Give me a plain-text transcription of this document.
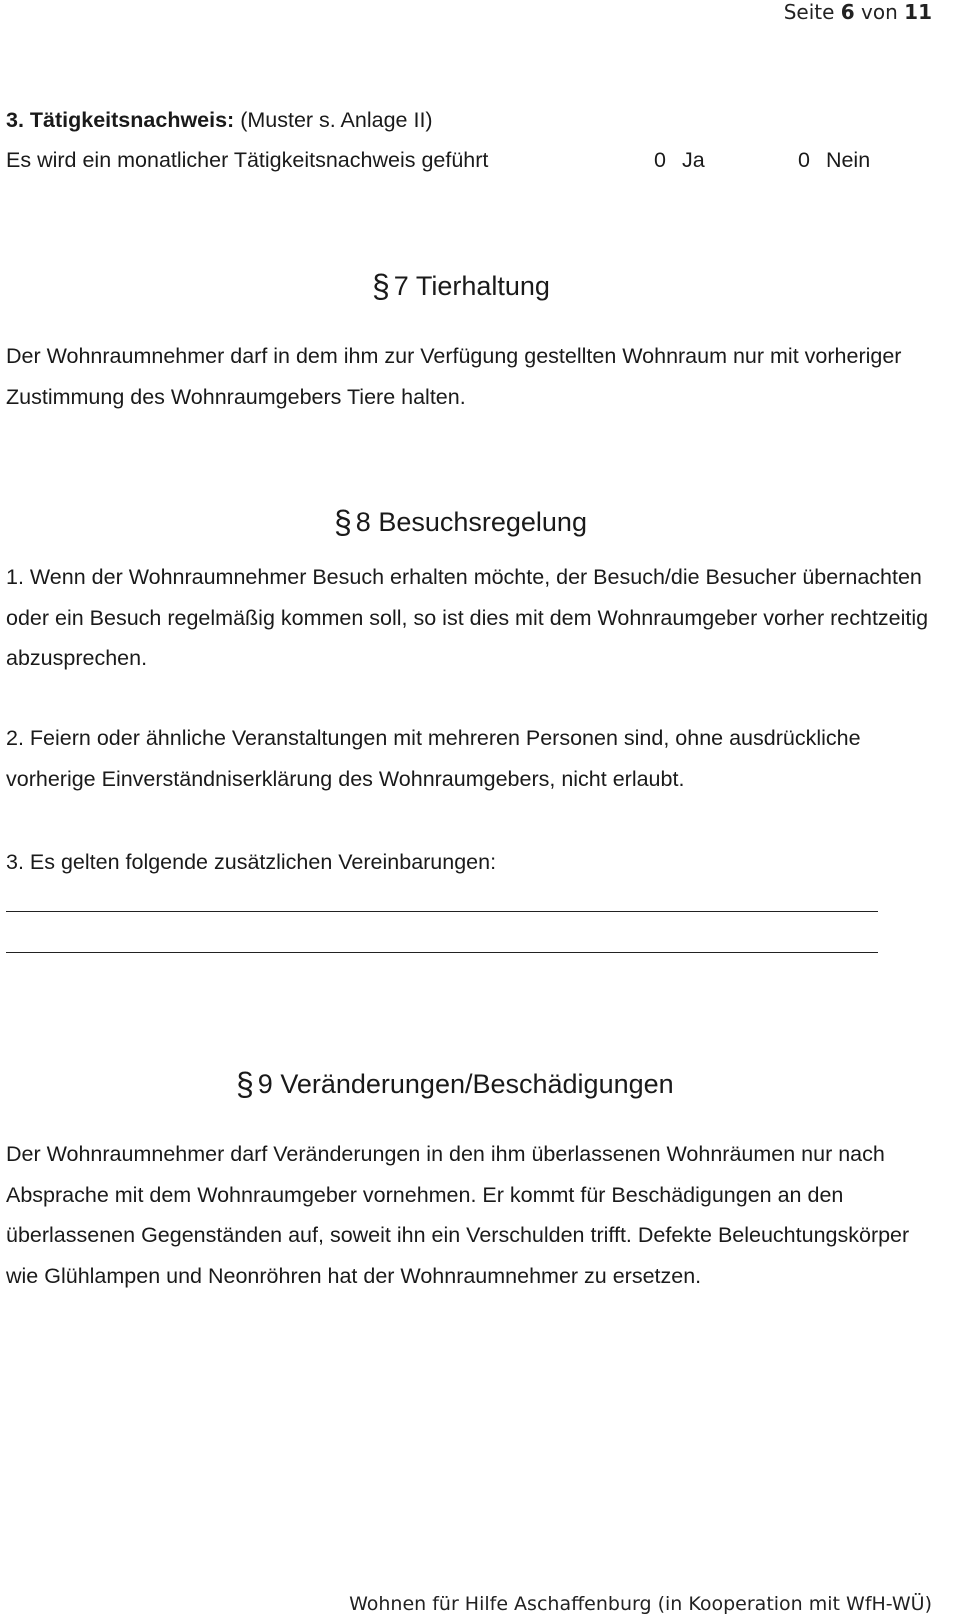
Seite 6 von 11
3. Tätigkeitsnachweis: (Muster s. Anlage II)
Es wird ein monatlicher Tätigkeitsnachweis geführt	0 Ja	0 Nein
§ 7 Tierhaltung
Der Wohnraumnehmer darf in dem ihm zur Verfügung gestellten Wohnraum nur mit vorheriger Zustimmung des Wohnraumgebers Tiere halten.
§ 8 Besuchsregelung
1. Wenn der Wohnraumnehmer Besuch erhalten möchte, der Besuch/die Besucher übernachten oder ein Besuch regelmäßig kommen soll, so ist dies mit dem Wohnraumgeber vorher rechtzeitig abzusprechen.
2. Feiern oder ähnliche Veranstaltungen mit mehreren Personen sind, ohne ausdrückliche vorherige Einverständniserklärung des Wohnraumgebers, nicht erlaubt.
3. Es gelten folgende zusätzlichen Vereinbarungen:
§ 9 Veränderungen/Beschädigungen
Der Wohnraumnehmer darf Veränderungen in den ihm überlassenen Wohnräumen nur nach Absprache mit dem Wohnraumgeber vornehmen. Er kommt für Beschädigungen an den überlassenen Gegenständen auf, soweit ihn ein Verschulden trifft. Defekte Beleuchtungskörper wie Glühlampen und Neonröhren hat der Wohnraumnehmer zu ersetzen.
Wohnen für Hilfe Aschaffenburg (in Kooperation mit WfH-WÜ)
